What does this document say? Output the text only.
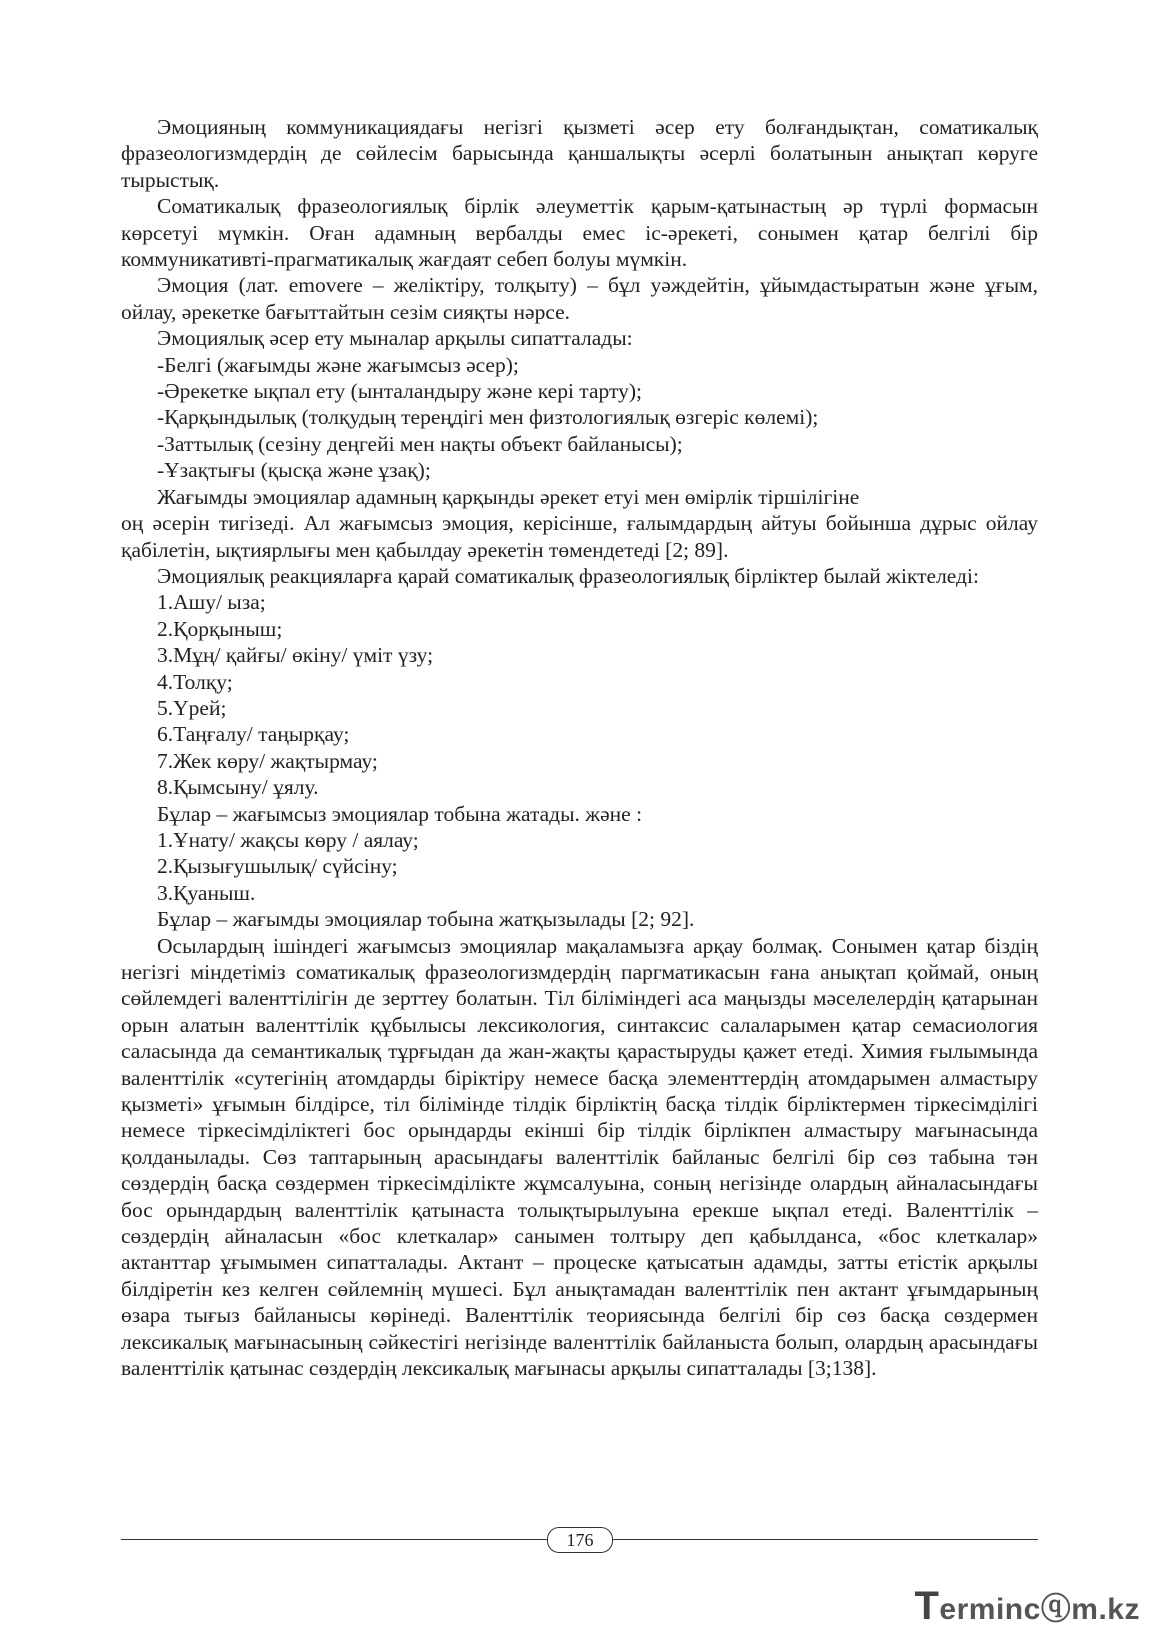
Эмоцияның коммуникациядағы негізгі қызметі әсер ету болғандықтан, соматикалық фразеологизмдердің де сөйлесім барысында қаншалықты әсерлі болатынын анықтап көруге тырыстық.

Соматикалық фразеологиялық бірлік әлеуметтік қарым-қатынастың әр түрлі формасын көрсетуі мүмкін. Оған адамның вербалды емес іс-әрекеті, сонымен қатар белгілі бір коммуникативті-прагматикалық жағдаят себеп болуы мүмкін.

Эмоция (лат. emovere – желіктіру, толқыту) – бұл уәждейтін, ұйымдастыратын және ұғым, ойлау, әрекетке бағыттайтын сезім сияқты нәрсе.

Эмоциялық әсер ету мыналар арқылы сипатталады:

-Белгі (жағымды және жағымсыз әсер);

-Әрекетке ықпал ету (ынталандыру және кері тарту);

-Қарқындылық (толқудың тереңдігі мен физтологиялық өзгеріс көлемі);

-Заттылық (сезіну деңгейі мен нақты объект байланысы);

-Ұзақтығы (қысқа және ұзақ);

Жағымды эмоциялар адамның қарқынды әрекет етуі мен өмірлік тіршілігіне

оң әсерін тигізеді. Ал жағымсыз эмоция, керісінше, ғалымдардың айтуы бойынша дұрыс ойлау қабілетін, ықтиярлығы мен қабылдау әрекетін төмендетеді [2; 89].

Эмоциялық реакцияларға қарай соматикалық фразеологиялық бірліктер былай жіктеледі:

1.Ашу/ ыза;

2.Қорқыныш;

3.Мұң/ қайғы/ өкіну/ үміт үзу;

4.Толқу;

5.Үрей;

6.Таңғалу/ таңырқау;

7.Жек көру/ жақтырмау;

8.Қымсыну/ ұялу.

Бұлар – жағымсыз эмоциялар тобына жатады. және :

1.Ұнату/ жақсы көру / аялау;

2.Қызығушылық/ сүйсіну;

3.Қуаныш.

Бұлар – жағымды эмоциялар тобына жатқызылады [2; 92].

Осылардың ішіндегі жағымсыз эмоциялар мақаламызға арқау болмақ. Сонымен қатар біздің негізгі міндетіміз соматикалық фразеологизмдердің паргматикасын ғана анықтап қоймай, оның сөйлемдегі валенттілігін де зерттеу болатын. Тіл біліміндегі аса маңызды мәселелердің қатарынан орын алатын валенттілік құбылысы лексикология, синтаксис салаларымен қатар семасиология саласында да семантикалық тұрғыдан да жан-жақты қарастыруды қажет етеді. Химия ғылымында валенттілік «сутегінің атомдарды біріктіру немесе басқа элементтердің атомдарымен алмастыру қызметі» ұғымын білдірсе, тіл білімінде тілдік бірліктің басқа тілдік бірліктермен тіркесімділігі немесе тіркесімділіктегі бос орындарды екінші бір тілдік бірлікпен алмастыру мағынасында қолданылады. Сөз таптарының арасындағы валенттілік байланыс белгілі бір сөз табына тән сөздердің басқа сөздермен тіркесімділікте жұмсалуына, соның негізінде олардың айналасындағы бос орындардың валенттілік қатынаста толықтырылуына ерекше ықпал етеді. Валенттілік – сөздердің айналасын «бос клеткалар» санымен толтыру деп қабылданса, «бос клеткалар» актанттар ұғымымен сипатталады. Актант – процеске қатысатын адамды, затты етістік арқылы білдіретін кез келген сөйлемнің мүшесі. Бұл анықтамадан валенттілік пен актант ұғымдарының өзара тығыз байланысы көрінеді. Валенттілік теориясында белгілі бір сөз басқа сөздермен лексикалық мағынасының сәйкестігі негізінде валенттілік байланыста болып, олардың арасындағы валенттілік қатынас сөздердің лексикалық мағынасы арқылы сипатталады [3;138].

176
Termincⓠm.kz
